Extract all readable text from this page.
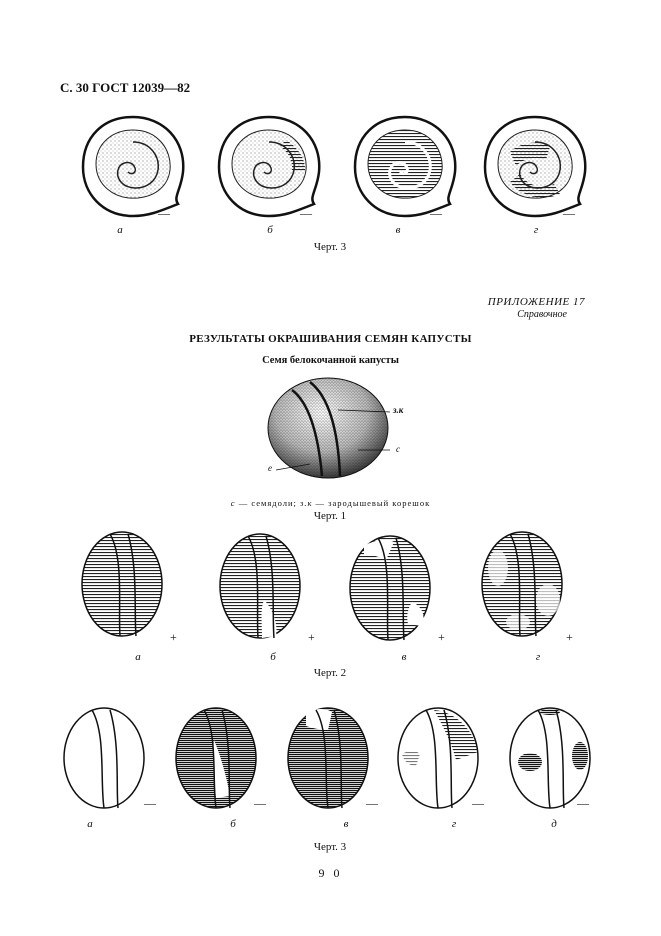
С. 30 ГОСТ 12039—82
—	—	—	—
а	б	в	г
Черт. 3
ПРИЛОЖЕНИЕ 17
Справочное
РЕЗУЛЬТАТЫ ОКРАШИВАНИЯ СЕМЯН КАПУСТЫ
Семя белокочанной капусты
з.к
с
е
с — семядоли; з.к — зародышевый корешок
Черт. 1
+	+	+	+
а	б	в	г
Черт. 2
—	—	—	—	—
а	б	в	г	д
Черт. 3
9 0
